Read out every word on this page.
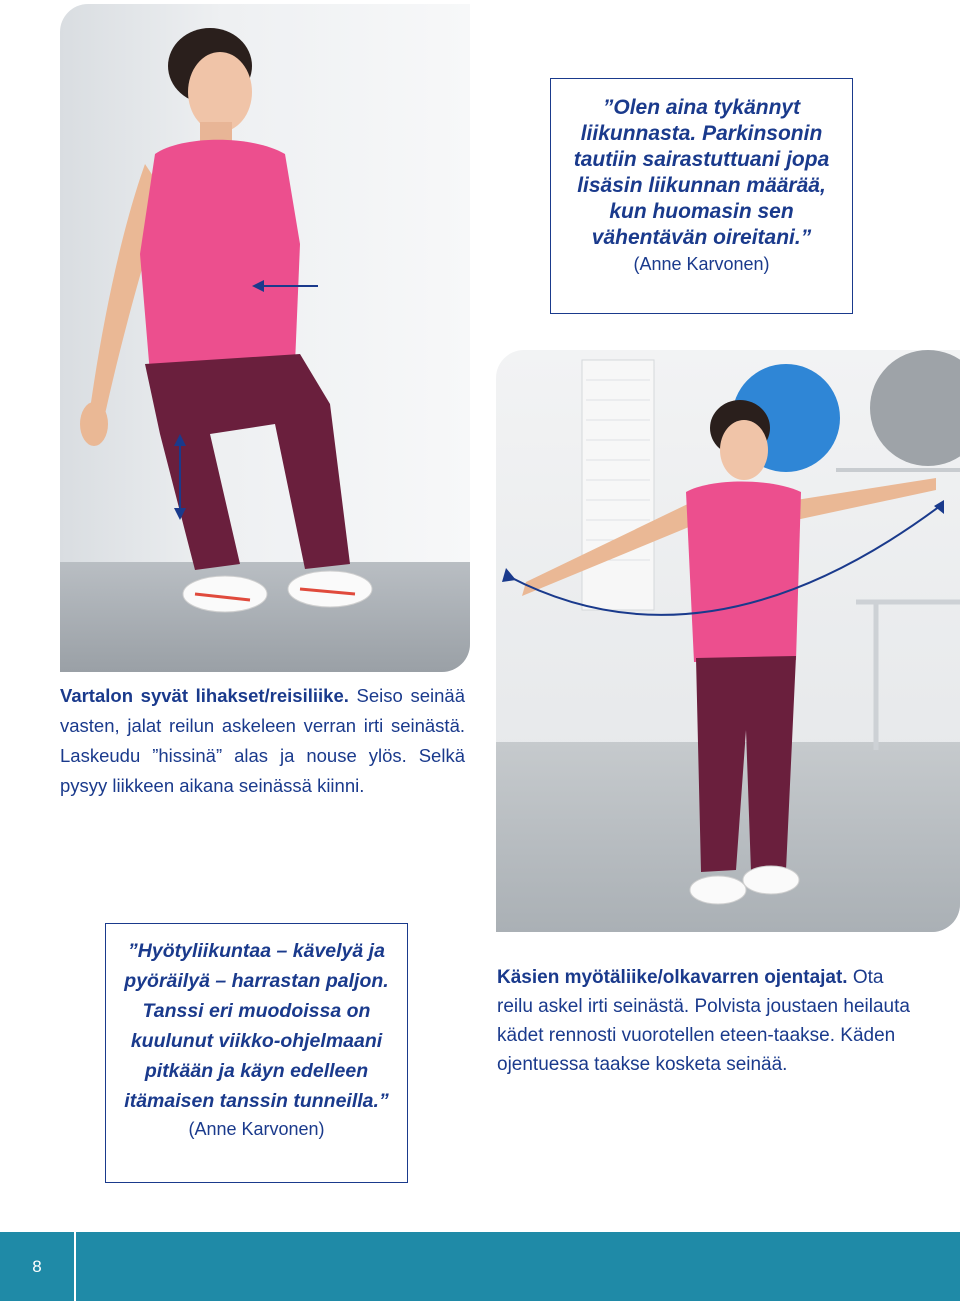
”Olen aina tykännyt liikunnasta. Parkinsonin tautiin sairastuttuani jopa lisäsin liikunnan määrää, kun huomasin sen vähentävän oireitani.”
(Anne Karvonen)
Vartalon syvät lihakset/reisiliike. Seiso seinää vasten, jalat reilun askeleen verran irti seinästä. Laskeudu ”hissinä” alas ja nouse ylös. Selkä pysyy liikkeen aikana seinässä kiinni.
”Hyötyliikuntaa – kävelyä ja pyöräilyä – harrastan paljon. Tanssi eri muodoissa on kuulunut viikko-ohjelmaani pitkään ja käyn edelleen itämaisen tanssin tunneilla.”
(Anne Karvonen)
Käsien myötäliike/olkavarren ojentajat. Ota reilu askel irti seinästä. Polvista joustaen heilauta kädet rennosti vuorotellen eteen-taakse. Käden ojentuessa taakse kosketa seinää.
8
